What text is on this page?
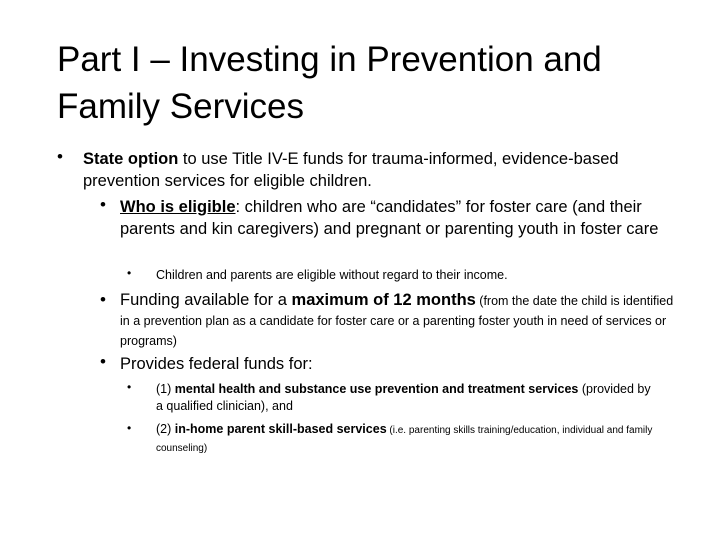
Part I – Investing in Prevention and Family Services
• State option to use Title IV-E funds for trauma-informed, evidence-based prevention services for eligible children.

• Who is eligible: children who are “candidates” for foster care (and their parents and kin caregivers) and pregnant or parenting youth in foster care

• Children and parents are eligible without regard to their income.

• Funding available for a maximum of 12 months (from the date the child is identified in a prevention plan as a candidate for foster care or a parenting foster youth in need of services or programs)

• Provides federal funds for:

• (1) mental health and substance use prevention and treatment services (provided by a qualified clinician), and

• (2) in-home parent skill-based services (i.e. parenting skills training/education, individual and family counseling)
